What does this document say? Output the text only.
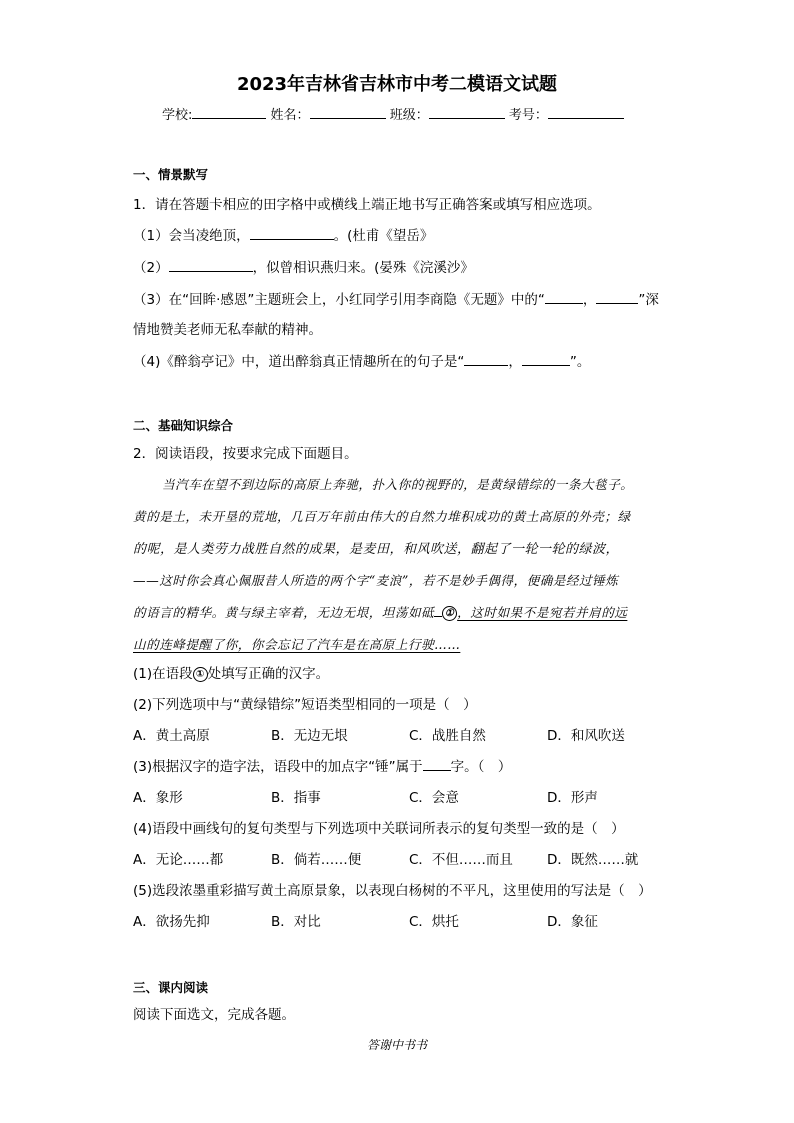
2023年吉林省吉林市中考二模语文试题
学校:	姓名：	班级：	考号：
一、情景默写
1．请在答题卡相应的田字格中或横线上端正地书写正确答案或填写相应选项。
（1）会当凌绝顶，	。(杜甫《望岳》
（2）	，似曾相识燕归来。(晏殊《浣溪沙》
（3）在“回眸·感恩”主题班会上，小红同学引用李商隐《无题》中的“	，	”深
情地赞美老师无私奉献的精神。
（4)《醉翁亭记》中，道出醉翁真正情趣所在的句子是“	，	”。
二、基础知识综合
2．阅读语段，按要求完成下面题目。
当汽车在望不到边际的高原上奔驰，扑入你的视野的，是黄绿错综的一条大毯子。
黄的是土，未开垦的荒地，几百万年前由伟大的自然力堆积成功的黄土高原的外壳；绿
的呢，是人类劳力战胜自然的成果，是麦田，和风吹送，翻起了一轮一轮的绿波，
——这时你会真心佩服昔人所造的两个字“麦浪”，若不是妙手偶得，便确是经过锤炼
的语言的精华。黄与绿主宰着，无边无垠，坦荡如砥 ① ，这时如果不是宛若并肩的远
山的连峰提醒了你，你会忘记了汽车是在高原上行驶……
(1)在语段 ① 处填写正确的汉字。
(2)下列选项中与“黄绿错综”短语类型相同的一项是（　）
A．黄土高原	B．无边无垠	C．战胜自然	D．和风吹送
(3)根据汉字的造字法，语段中的加点字“锤”属于 字。（　）
A．象形	B．指事	C．会意	D．形声
(4)语段中画线句的复句类型与下列选项中关联词所表示的复句类型一致的是（　）
A．无论……都	B．倘若……便	C．不但……而且	D．既然……就
(5)选段浓墨重彩描写黄土高原景象，以表现白杨树的不平凡，这里使用的写法是（　）
A．欲扬先抑	B．对比	C．烘托	D．象征
三、课内阅读
阅读下面选文，完成各题。
答谢中书书
